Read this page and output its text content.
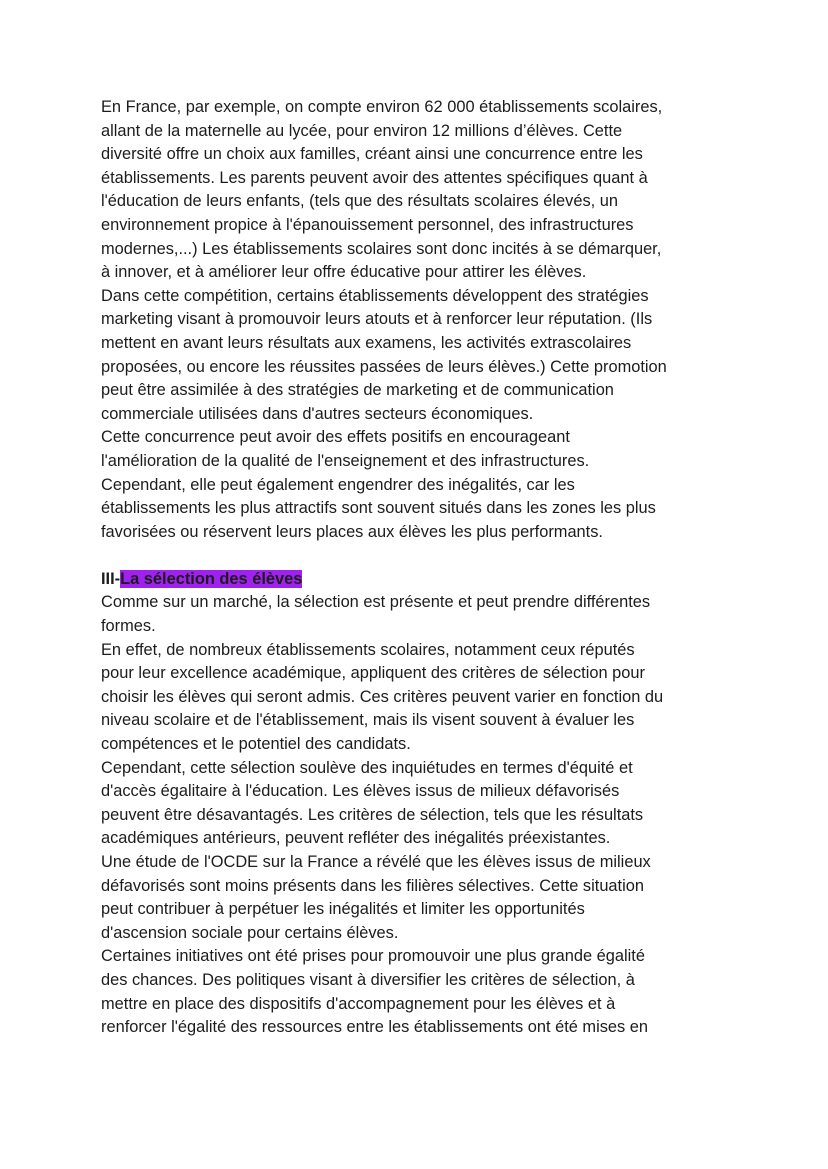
En France, par exemple, on compte environ 62 000 établissements scolaires,
allant de la maternelle au lycée, pour environ 12 millions d’élèves. Cette
diversité offre un choix aux familles, créant ainsi une concurrence entre les
établissements. Les parents peuvent avoir des attentes spécifiques quant à
l'éducation de leurs enfants, (tels que des résultats scolaires élevés, un
environnement propice à l'épanouissement personnel, des infrastructures
modernes,...) Les établissements scolaires sont donc incités à se démarquer,
à innover, et à améliorer leur offre éducative pour attirer les élèves.
Dans cette compétition, certains établissements développent des stratégies
marketing visant à promouvoir leurs atouts et à renforcer leur réputation. (Ils
mettent en avant leurs résultats aux examens, les activités extrascolaires
proposées, ou encore les réussites passées de leurs élèves.) Cette promotion
peut être assimilée à des stratégies de marketing et de communication
commerciale utilisées dans d'autres secteurs économiques.
Cette concurrence peut avoir des effets positifs en encourageant
l'amélioration de la qualité de l'enseignement et des infrastructures.
Cependant, elle peut également engendrer des inégalités, car les
établissements les plus attractifs sont souvent situés dans les zones les plus
favorisées ou réservent leurs places aux élèves les plus performants.
III-La sélection des élèves
Comme sur un marché, la sélection est présente et peut prendre différentes
formes.
En effet, de nombreux établissements scolaires, notamment ceux réputés
pour leur excellence académique, appliquent des critères de sélection pour
choisir les élèves qui seront admis. Ces critères peuvent varier en fonction du
niveau scolaire et de l'établissement, mais ils visent souvent à évaluer les
compétences et le potentiel des candidats.
Cependant, cette sélection soulève des inquiétudes en termes d'équité et
d'accès égalitaire à l'éducation. Les élèves issus de milieux défavorisés
peuvent être désavantagés. Les critères de sélection, tels que les résultats
académiques antérieurs, peuvent refléter des inégalités préexistantes.
Une étude de l'OCDE sur la France a révélé que les élèves issus de milieux
défavorisés sont moins présents dans les filières sélectives. Cette situation
peut contribuer à perpétuer les inégalités et limiter les opportunités
d'ascension sociale pour certains élèves.
Certaines initiatives ont été prises pour promouvoir une plus grande égalité
des chances. Des politiques visant à diversifier les critères de sélection, à
mettre en place des dispositifs d'accompagnement pour les élèves et à
renforcer l'égalité des ressources entre les établissements ont été mises en
